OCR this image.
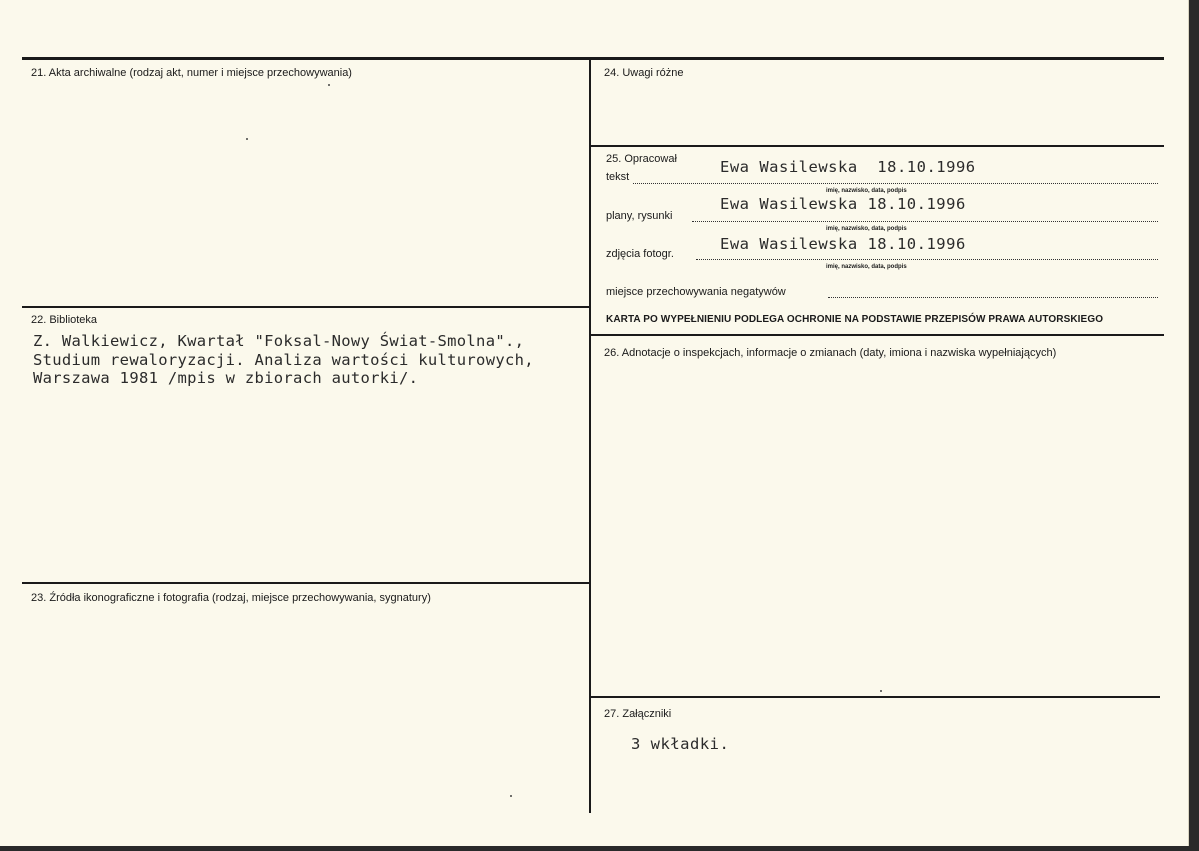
21. Akta archiwalne (rodzaj akt, numer i miejsce przechowywania)
22. Biblioteka
Z. Walkiewicz, Kwartał "Foksal-Nowy Świat-Smolna".,
Studium rewaloryzacji. Analiza wartości kulturowych,
Warszawa 1981 /mpis w zbiorach autorki/.
23. Źródła ikonograficzne i fotografia (rodzaj, miejsce przechowywania, sygnatury)
24. Uwagi różne
25. Opracował
tekst
Ewa Wasilewska  18.10.1996
imię, nazwisko, data, podpis
plany, rysunki
Ewa Wasilewska 18.10.1996
imię, nazwisko, data, podpis
zdjęcia fotogr.
Ewa Wasilewska 18.10.1996
imię, nazwisko, data, podpis
miejsce przechowywania negatywów
KARTA PO WYPEŁNIENIU PODLEGA OCHRONIE NA PODSTAWIE PRZEPISÓW PRAWA AUTORSKIEGO
26. Adnotacje o inspekcjach, informacje o zmianach (daty, imiona i nazwiska wypełniających)
27. Załączniki
3 wkładki.
